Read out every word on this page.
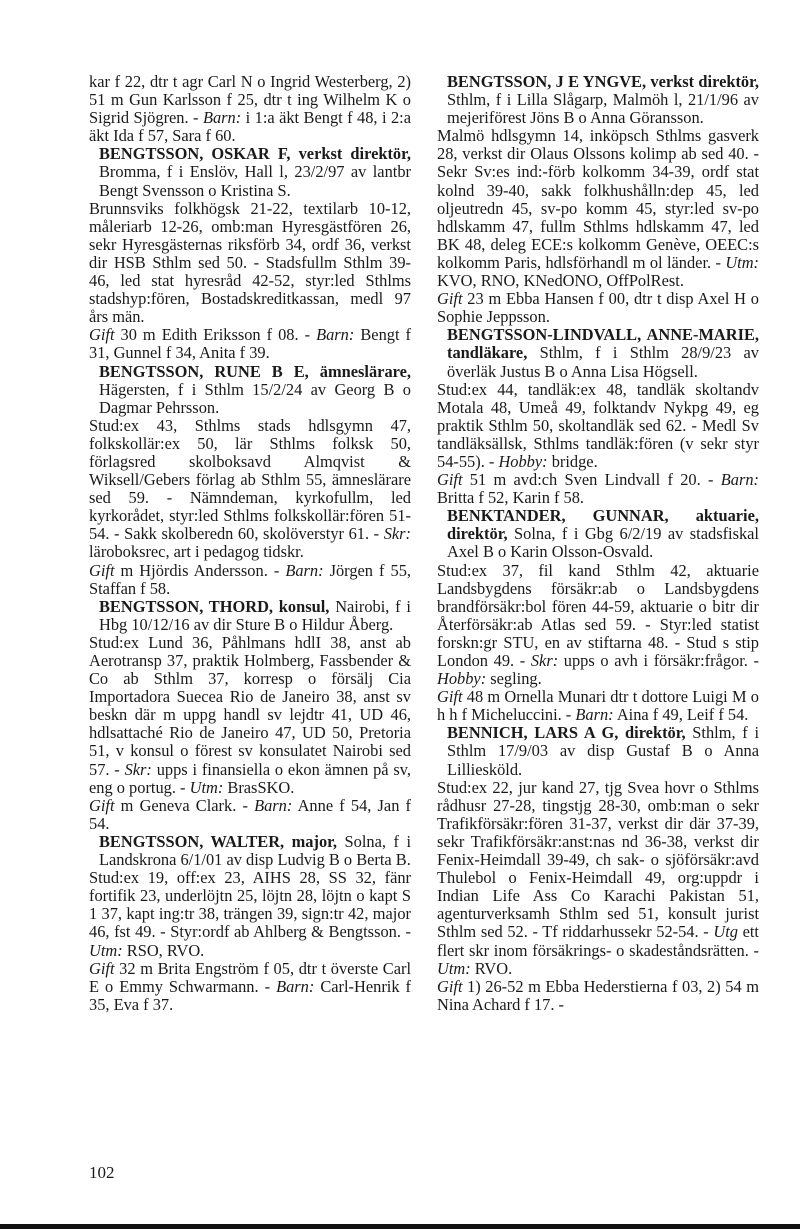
kar f 22, dtr t agr Carl N o Ingrid Westerberg, 2) 51 m Gun Karlsson f 25, dtr t ing Wilhelm K o Sigrid Sjögren. - Barn: i 1:a äkt Bengt f 48, i 2:a äkt Ida f 57, Sara f 60.

BENGTSSON, OSKAR F, verkst direktör, Bromma, f i Enslöv, Hall l, 23/2/97 av lantbr Bengt Svensson o Kristina S.

Brunnsviks folkhögsk 21-22, textilarb 10-12, måleriarb 12-26, omb:man Hyresgästfören 26, sekr Hyresgästernas riksförb 34, ordf 36, verkst dir HSB Sthlm sed 50. - Stadsfullm Sthlm 39-46, led stat hyresråd 42-52, styr:led Sthlms stadshyp:fören, Bostadskreditkassan, medl 97 års män.

Gift 30 m Edith Eriksson f 08. - Barn: Bengt f 31, Gunnel f 34, Anita f 39.

BENGTSSON, RUNE B E, ämneslärare, Hägersten, f i Sthlm 15/2/24 av Georg B o Dagmar Pehrsson.

Stud:ex 43, Sthlms stads hdlsgymn 47, folkskollär:ex 50, lär Sthlms folksk 50, förlagsred skolboksavd Almqvist & Wiksell/Gebers förlag ab Sthlm 55, ämneslärare sed 59. - Nämndeman, kyrkofullm, led kyrkorådet, styr:led Sthlms folkskollär:fören 51-54. - Sakk skolberedn 60, skolöverstyr 61. - Skr: läroboksrec, art i pedagog tidskr.

Gift m Hjördis Andersson. - Barn: Jörgen f 55, Staffan f 58.

BENGTSSON, THORD, konsul, Nairobi, f i Hbg 10/12/16 av dir Sture B o Hildur Åberg.

Stud:ex Lund 36, Påhlmans hdlI 38, anst ab Aerotransp 37, praktik Holmberg, Fassbender & Co ab Sthlm 37, korresp o försälj Cia Importadora Suecea Rio de Janeiro 38, anst sv beskn där m uppg handl sv lejdtr 41, UD 46, hdlsattaché Rio de Janeiro 47, UD 50, Pretoria 51, v konsul o förest sv konsulatet Nairobi sed 57. - Skr: upps i finansiella o ekon ämnen på sv, eng o portug. - Utm: BrasSKO.

Gift m Geneva Clark. - Barn: Anne f 54, Jan f 54.

BENGTSSON, WALTER, major, Solna, f i Landskrona 6/1/01 av disp Ludvig B o Berta B.

Stud:ex 19, off:ex 23, AIHS 28, SS 32, fänr fortifik 23, underlöjtn 25, löjtn 28, löjtn o kapt S 1 37, kapt ing:tr 38, trängen 39, sign:tr 42, major 46, fst 49. - Styr:ordf ab Ahlberg & Bengtsson. - Utm: RSO, RVO.

Gift 32 m Brita Engström f 05, dtr t överste Carl E o Emmy Schwarmann. - Barn: Carl-Henrik f 35, Eva f 37.

BENGTSSON, J E YNGVE, verkst direktör, Sthlm, f i Lilla Slågarp, Malmöh l, 21/1/96 av mejeriförest Jöns B o Anna Göransson.

Malmö hdlsgymn 14, inköpsch Sthlms gasverk 28, verkst dir Olaus Olssons kolimp ab sed 40. - Sekr Sv:es ind:-förb kolkomm 34-39, ordf stat kolnd 39-40, sakk folkhushålln:dep 45, led oljeutredn 45, sv-po komm 45, styr:led sv-po hdlskamm 47, fullm Sthlms hdlskamm 47, led BK 48, deleg ECE:s kolkomm Genève, OEEC:s kolkomm Paris, hdlsförhandl m ol länder. - Utm: KVO, RNO, KNedONO, OffPolRest.

Gift 23 m Ebba Hansen f 00, dtr t disp Axel H o Sophie Jeppsson.

BENGTSSON-LINDVALL, ANNE-MARIE, tandläkare, Sthlm, f i Sthlm 28/9/23 av överläk Justus B o Anna Lisa Högsell.

Stud:ex 44, tandläk:ex 48, tandläk skoltandv Motala 48, Umeå 49, folktandv Nykpg 49, eg praktik Sthlm 50, skoltandläk sed 62. - Medl Sv tandläksällsk, Sthlms tandläk:fören (v sekr styr 54-55). - Hobby: bridge.

Gift 51 m avd:ch Sven Lindvall f 20. - Barn: Britta f 52, Karin f 58.

BENKTANDER, GUNNAR, aktuarie, direktör, Solna, f i Gbg 6/2/19 av stadsfiskal Axel B o Karin Olsson-Osvald.

Stud:ex 37, fil kand Sthlm 42, aktuarie Landsbygdens försäkr:ab o Landsbygdens brandförsäkr:bol fören 44-59, aktuarie o bitr dir Återförsäkr:ab Atlas sed 59. - Styr:led statist forskn:gr STU, en av stiftarna 48. - Stud s stip London 49. - Skr: upps o avh i försäkr:frågor. - Hobby: segling.

Gift 48 m Ornella Munari dtr t dottore Luigi M o h h f Micheluccini. - Barn: Aina f 49, Leif f 54.

BENNICH, LARS A G, direktör, Sthlm, f i Sthlm 17/9/03 av disp Gustaf B o Anna Lilliesköld.

Stud:ex 22, jur kand 27, tjg Svea hovr o Sthlms rådhusr 27-28, tingstjg 28-30, omb:man o sekr Trafikförsäkr:fören 31-37, verkst dir där 37-39, sekr Trafikförsäkr:anst:nas nd 36-38, verkst dir Fenix-Heimdall 39-49, ch sak- o sjöförsäkr:avd Thulebol o Fenix-Heimdall 49, org:uppdr i Indian Life Ass Co Karachi Pakistan 51, agenturverksamh Sthlm sed 51, konsult jurist Sthlm sed 52. - Tf riddarhussekr 52-54. - Utg ett flert skr inom försäkrings- o skadeståndsrätten. - Utm: RVO.

Gift 1) 26-52 m Ebba Hederstierna f 03, 2) 54 m Nina Achard f 17. -

102
